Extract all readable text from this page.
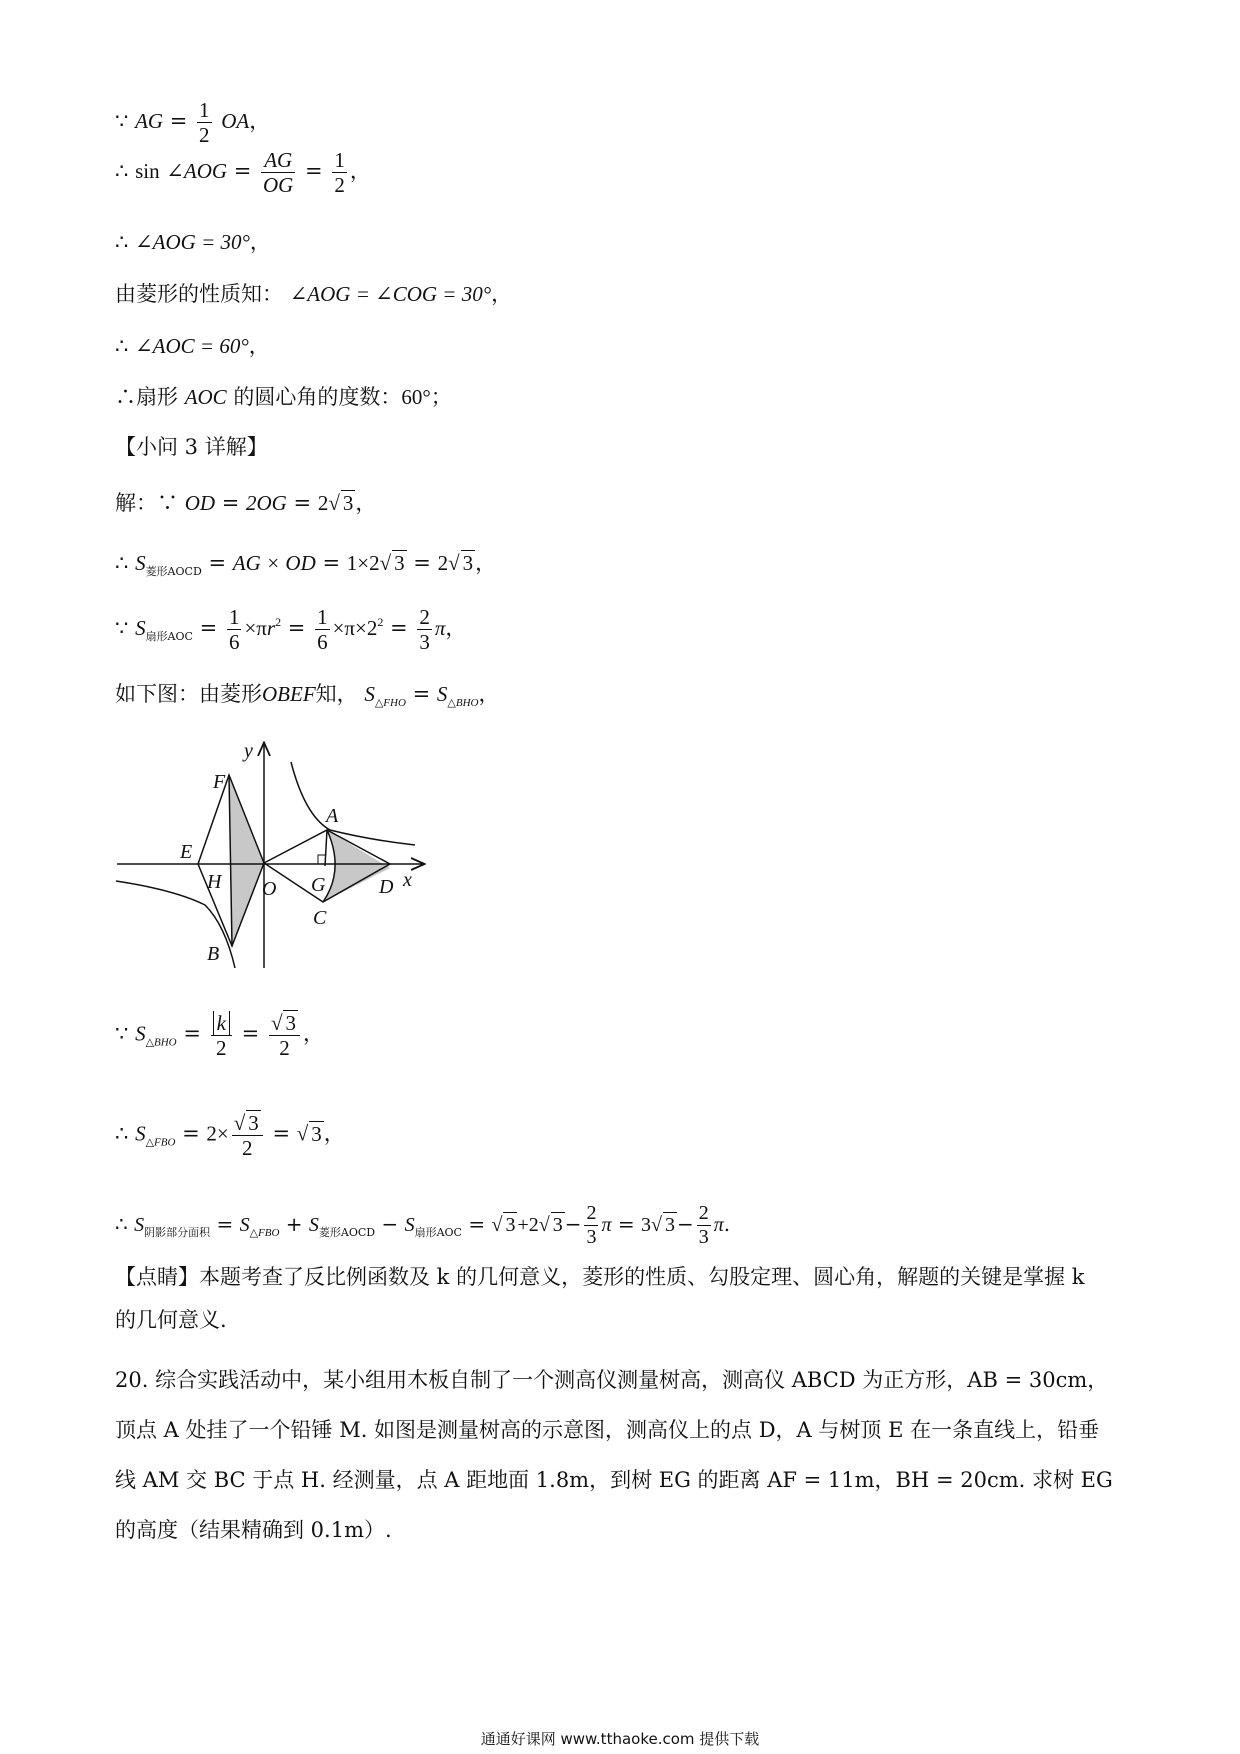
∵ AG = $\frac{1}{2}$ OA，
∴ sin ∠AOG = $\frac{AG}{OG} = \frac{1}{2}$ ，
∴ ∠AOG = 30°，
由菱形的性质知： ∠AOG = ∠COG = 30°，
∴ ∠AOC = 60°，
∴扇形 AOC 的圆心角的度数：60°；
【小问 3 详解】
解：∵ OD = 2OG = 2√ 3，
∴ $S_{菱形AOCD}$ = AG × OD = 1×2√ 3 = 2√ 3，
∵ $S_{扇形AOC} = \frac{1}{6} \times\pi r^2 = \frac{1}{6} \times\pi\times 2^2 = \frac{2}{3}$ π，
如下图：由菱形OBEF知， $S_{\triangle FHO} = S_{\triangle BHO}$，
y
x
F
E
H O
B
A
G
C
D
∵ $S_{\triangle BHO} = \frac{k}{2} = \frac{√ 3}{2}$ ，
∴ $S_{\triangle FBO} = 2\times \frac{√ 3}{2}$ = √ 3，
∴ $S_{阴影部分面积} = S_{\triangle FBO} + S_{菱形AOCD} - S_{扇形AOC}$ = √ 3 +2√ $3 - \frac{2}{3}$ π = 3√ $3 - \frac{2}{3} \pi$.
【点睛】本题考查了反比例函数及 k 的几何意义，菱形的性质、勾股定理、圆心角，解题的关键是掌握 k
的几何意义.
20. 综合实践活动中，某小组用木板自制了一个测高仪测量树高，测高仪 ABCD 为正方形，AB = 30cm，
顶点 A 处挂了一个铅锤 M. 如图是测量树高的示意图，测高仪上的点 D，A 与树顶 E 在一条直线上，铅垂
线 AM 交 BC 于点 H. 经测量，点 A 距地面 1.8m，到树 EG 的距离 AF = 11m，BH = 20cm. 求树 EG
的高度（结果精确到 0.1m）.
通通好课网 www.tthaoke.com 提供下载
